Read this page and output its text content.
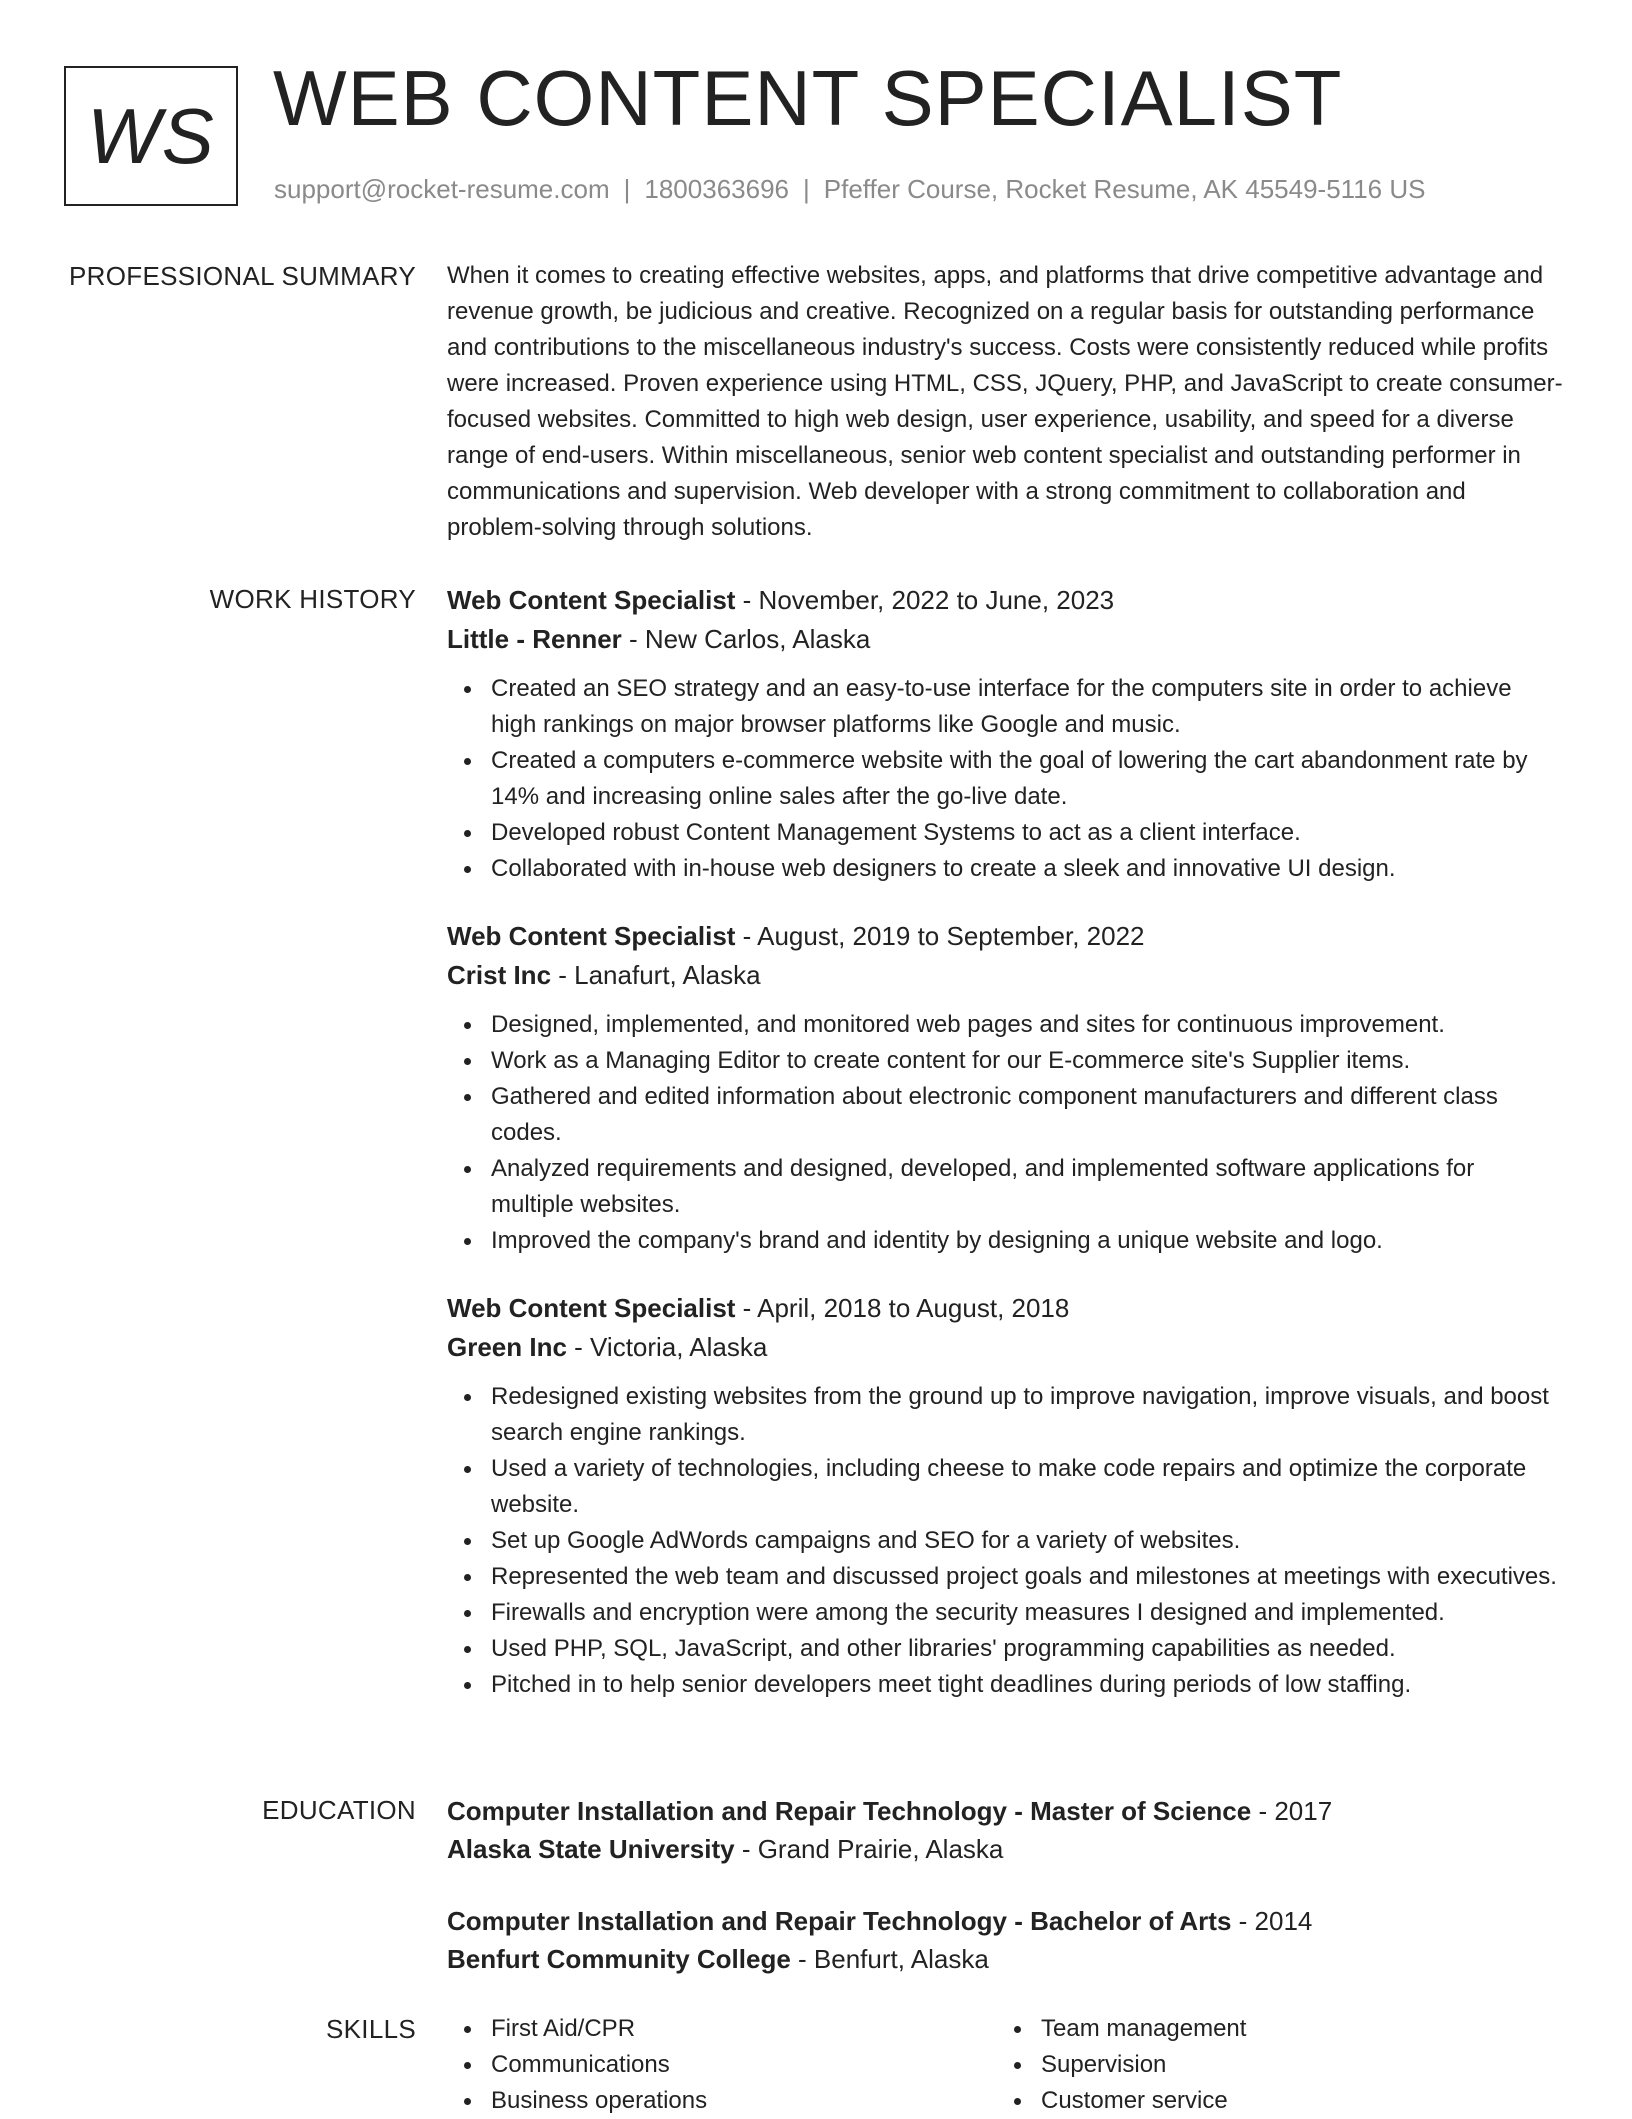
WS WEB CONTENT SPECIALIST
support@rocket-resume.com | 1800363696 | Pfeffer Course, Rocket Resume, AK 45549-5116 US
PROFESSIONAL SUMMARY When it comes to creating effective websites, apps, and platforms that drive competitive advantage and revenue growth, be judicious and creative. Recognized on a regular basis for outstanding performance and contributions to the miscellaneous industry's success. Costs were consistently reduced while profits were increased. Proven experience using HTML, CSS, JQuery, PHP, and JavaScript to create consumer-focused websites. Committed to high web design, user experience, usability, and speed for a diverse range of end-users. Within miscellaneous, senior web content specialist and outstanding performer in communications and supervision. Web developer with a strong commitment to collaboration and problem-solving through solutions.

WORK HISTORY Web Content Specialist - November, 2022 to June, 2023
Little - Renner - New Carlos, Alaska
Created an SEO strategy and an easy-to-use interface for the computers site in order to achieve high rankings on major browser platforms like Google and music.
Created a computers e-commerce website with the goal of lowering the cart abandonment rate by 14% and increasing online sales after the go-live date.
Developed robust Content Management Systems to act as a client interface.
Collaborated with in-house web designers to create a sleek and innovative UI design.
Web Content Specialist - August, 2019 to September, 2022
Crist Inc - Lanafurt, Alaska
Designed, implemented, and monitored web pages and sites for continuous improvement.
Work as a Managing Editor to create content for our E-commerce site's Supplier items.
Gathered and edited information about electronic component manufacturers and different class codes.
Analyzed requirements and designed, developed, and implemented software applications for multiple websites.
Improved the company's brand and identity by designing a unique website and logo.
Web Content Specialist - April, 2018 to August, 2018
Green Inc - Victoria, Alaska
Redesigned existing websites from the ground up to improve navigation, improve visuals, and boost search engine rankings.
Used a variety of technologies, including cheese to make code repairs and optimize the corporate website.
Set up Google AdWords campaigns and SEO for a variety of websites.
Represented the web team and discussed project goals and milestones at meetings with executives.
Firewalls and encryption were among the security measures I designed and implemented.
Used PHP, SQL, JavaScript, and other libraries' programming capabilities as needed.
Pitched in to help senior developers meet tight deadlines during periods of low staffing.
EDUCATION Computer Installation and Repair Technology - Master of Science - 2017
Alaska State University - Grand Prairie, Alaska
Computer Installation and Repair Technology - Bachelor of Arts - 2014
Benfurt Community College - Benfurt, Alaska
SKILLS	First Aid/CPR
Communications
Business operations
Team management
Supervision
Customer service
